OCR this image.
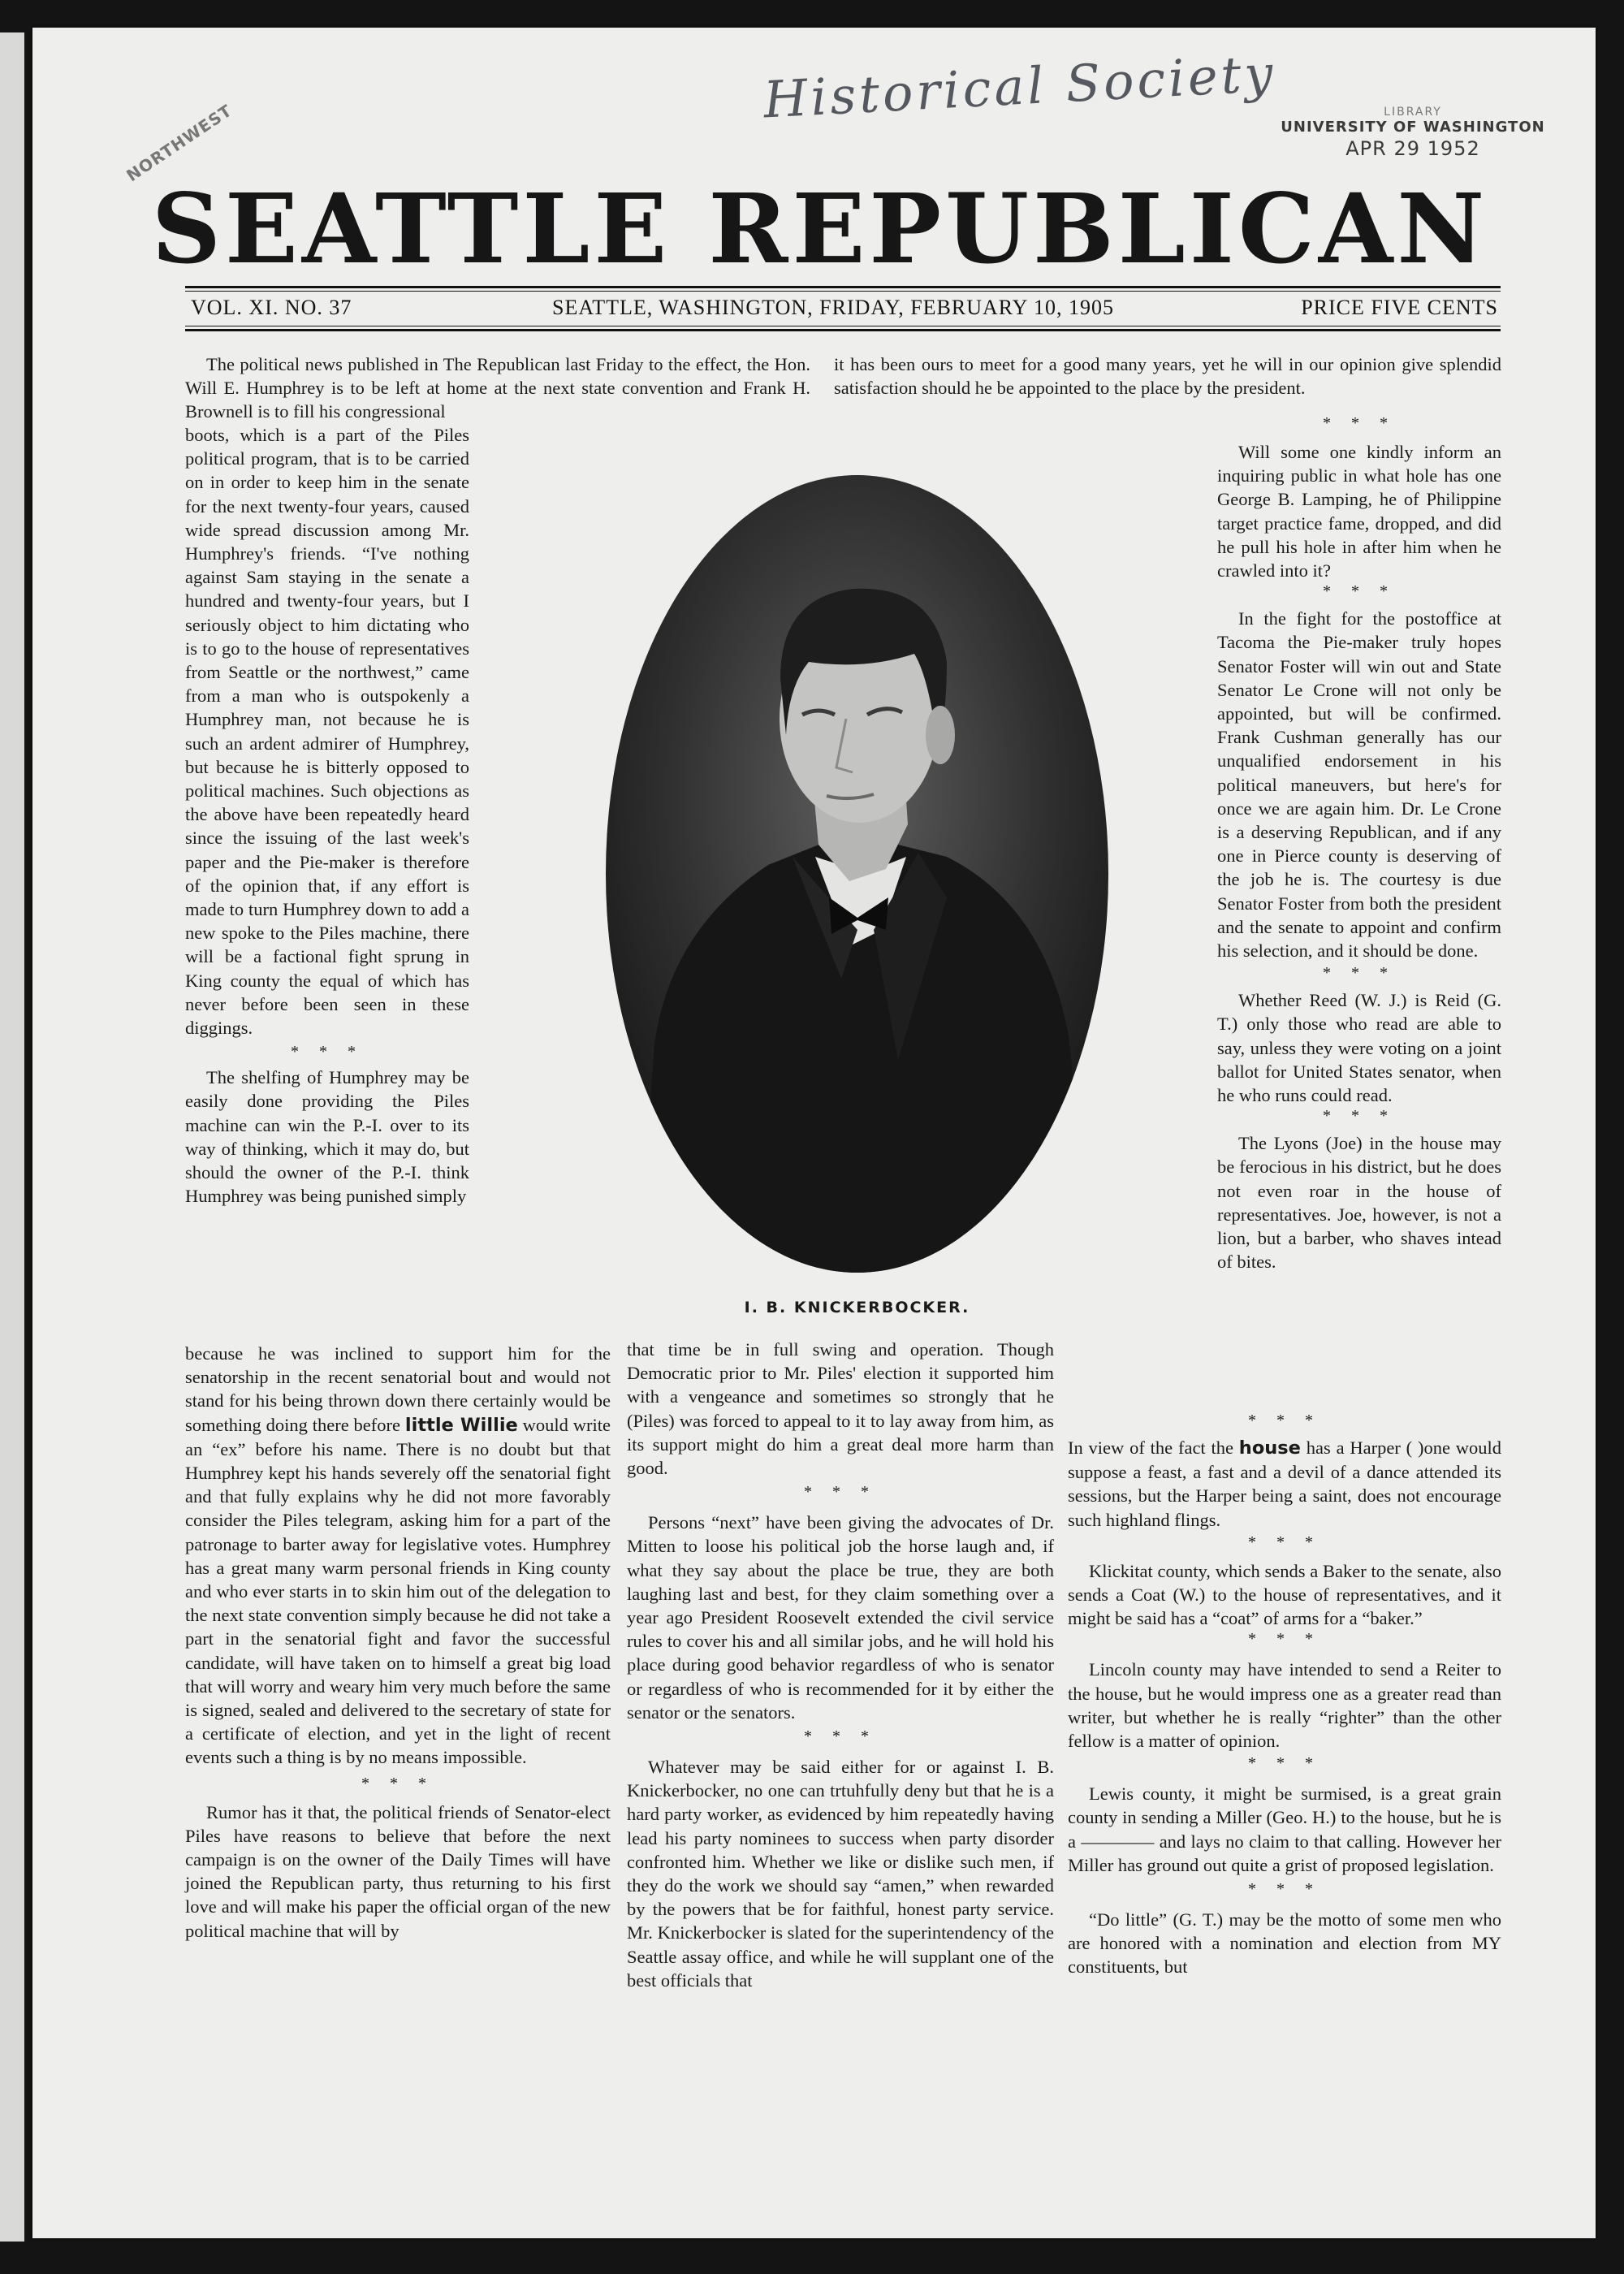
Historical Society
NORTHWEST	LIBRARY
UNIVERSITY OF WASHINGTON
APR 29 1952
SEATTLE REPUBLICAN
VOL. XI. NO. 37	SEATTLE, WASHINGTON, FRIDAY, FEBRUARY 10, 1905	PRICE FIVE CENTS

The political news published in The Republican last Friday to the effect, the Hon. Will E. Humphrey is to be left at home at the next state convention and Frank H. Brownell is to fill his congressional

it has been ours to meet for a good many years, yet he will in our opinion give splendid satisfaction should he be appointed to the place by the president.

boots, which is a part of the Piles political program, that is to be carried on in order to keep him in the senate for the next twenty-four years, caused wide spread discussion among Mr. Humphrey's friends. “I've nothing against Sam staying in the senate a hundred and twenty-four years, but I seriously object to him dictating who is to go to the house of representatives from Seattle or the northwest,” came from a man who is outspokenly a Humphrey man, not because he is such an ardent admirer of Humphrey, but because he is bitterly opposed to political machines. Such objections as the above have been repeatedly heard since the issuing of the last week's paper and the Pie-maker is therefore of the opinion that, if any effort is made to turn Humphrey down to add a new spoke to the Piles machine, there will be a factional fight sprung in King county the equal of which has never before been seen in these diggings.

* * *

The shelfing of Humphrey may be easily done providing the Piles machine can win the P.-I. over to its way of thinking, which it may do, but should the owner of the P.-I. think Humphrey was being punished simply

because he was inclined to support him for the senatorship in the recent senatorial bout and would not stand for his being thrown down there certainly would be something doing there before little Willie would write an “ex” before his name. There is no doubt but that Humphrey kept his hands severely off the senatorial fight and that fully explains why he did not more favorably consider the Piles telegram, asking him for a part of the patronage to barter away for legislative votes. Humphrey has a great many warm personal friends in King county and who ever starts in to skin him out of the delegation to the next state convention simply because he did not take a part in the senatorial fight and favor the successful candidate, will have taken on to himself a great big load that will worry and weary him very much before the same is signed, sealed and delivered to the secretary of state for a certificate of election, and yet in the light of recent events such a thing is by no means impossible.

* * *

Rumor has it that, the political friends of Senator-elect Piles have reasons to believe that before the next campaign is on the owner of the Daily Times will have joined the Republican party, thus returning to his first love and will make his paper the official organ of the new political machine that will by

I. B. KNICKERBOCKER.

that time be in full swing and operation. Though Democratic prior to Mr. Piles' election it supported him with a vengeance and sometimes so strongly that he (Piles) was forced to appeal to it to lay away from him, as its support might do him a great deal more harm than good.

* * *

Persons “next” have been giving the advocates of Dr. Mitten to loose his political job the horse laugh and, if what they say about the place be true, they are both laughing last and best, for they claim something over a year ago President Roosevelt extended the civil service rules to cover his and all similar jobs, and he will hold his place during good behavior regardless of who is senator or regardless of who is recommended for it by either the senator or the senators.

* * *

Whatever may be said either for or against I. B. Knickerbocker, no one can trtuhfully deny but that he is a hard party worker, as evidenced by him repeatedly having lead his party nominees to success when party disorder confronted him. Whether we like or dislike such men, if they do the work we should say “amen,” when rewarded by the powers that be for faithful, honest party service. Mr. Knickerbocker is slated for the superintendency of the Seattle assay office, and while he will supplant one of the best officials that

* * *

Will some one kindly inform an inquiring public in what hole has one George B. Lamping, he of Philippine target practice fame, dropped, and did he pull his hole in after him when he crawled into it?

* * *

In the fight for the postoffice at Tacoma the Pie-maker truly hopes Senator Foster will win out and State Senator Le Crone will not only be appointed, but will be confirmed. Frank Cushman generally has our unqualified endorsement in his political maneuvers, but here's for once we are again him. Dr. Le Crone is a deserving Republican, and if any one in Pierce county is deserving of the job he is. The courtesy is due Senator Foster from both the president and the senate to appoint and confirm his selection, and it should be done.

* * *

Whether Reed (W. J.) is Reid (G. T.) only those who read are able to say, unless they were voting on a joint ballot for United States senator, when he who runs could read.

* * *

The Lyons (Joe) in the house may be ferocious in his district, but he does not even roar in the house of representatives. Joe, however, is not a lion, but a barber, who shaves intead of bites.

* * *

In view of the fact the house has a Harper ( )one would suppose a feast, a fast and a devil of a dance attended its sessions, but the Harper being a saint, does not encourage such highland flings.

* * *

Klickitat county, which sends a Baker to the senate, also sends a Coat (W.) to the house of representatives, and it might be said has a “coat” of arms for a “baker.”

* * *

Lincoln county may have intended to send a Reiter to the house, but he would impress one as a greater read than writer, but whether he is really “righter” than the other fellow is a matter of opinion.

* * *

Lewis county, it might be surmised, is a great grain county in sending a Miller (Geo. H.) to the house, but he is a ———— and lays no claim to that calling. However her Miller has ground out quite a grist of proposed legislation.

* * *

“Do little” (G. T.) may be the motto of some men who are honored with a nomination and election from MY constituents, but
